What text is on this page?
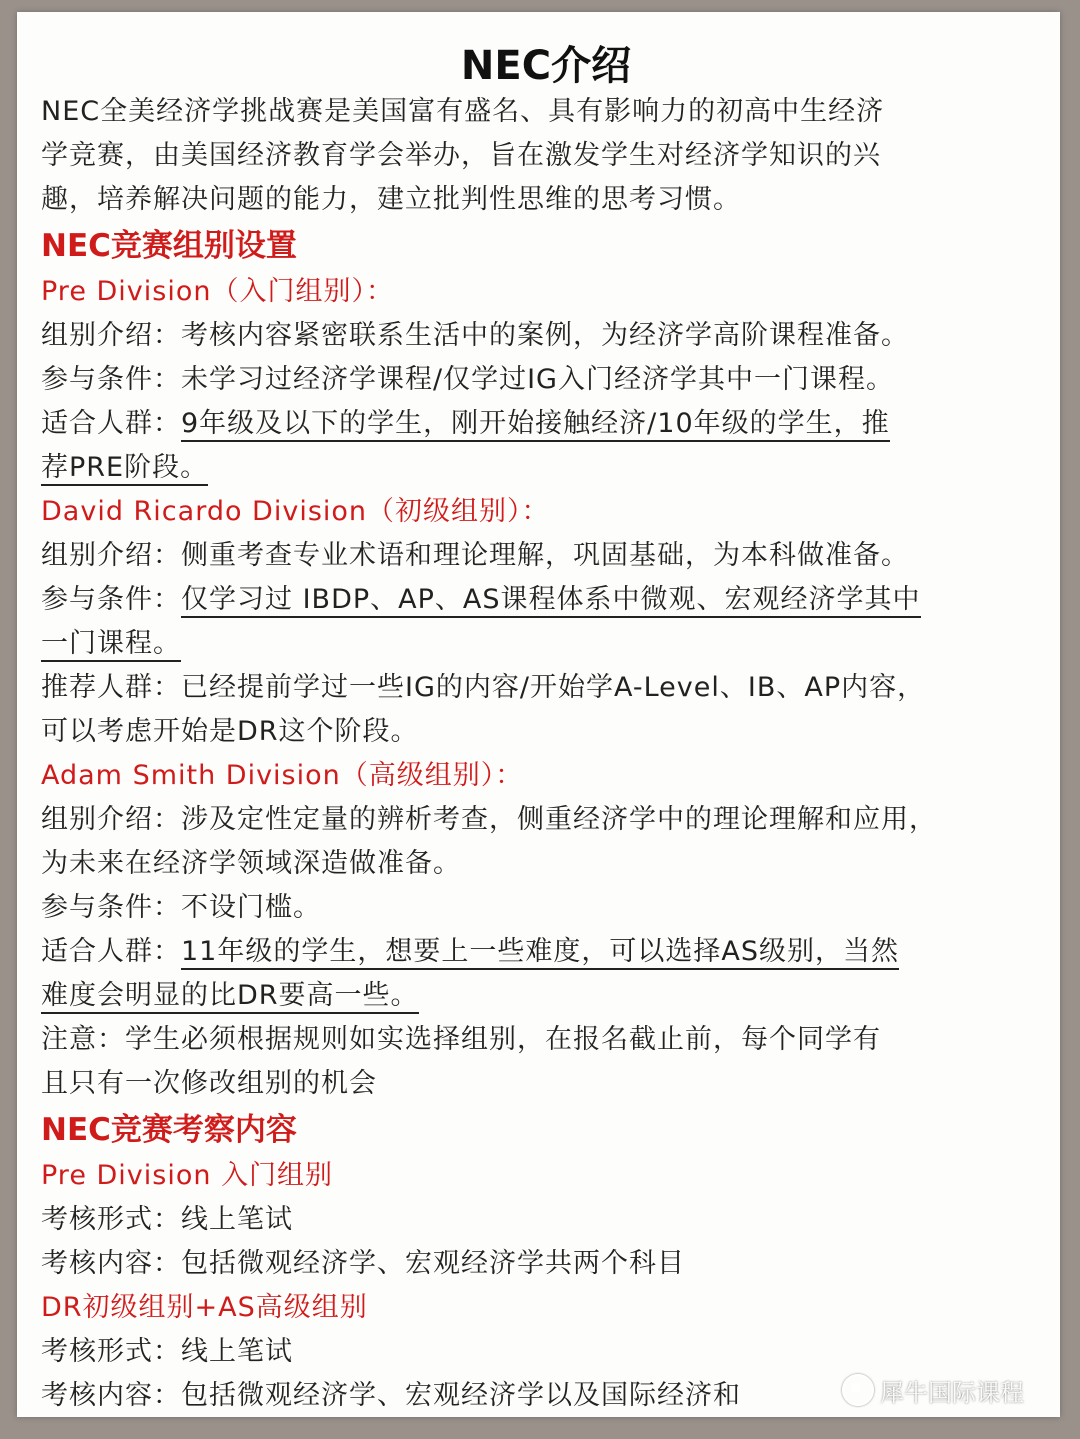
NEC介绍
NEC全美经济学挑战赛是美国富有盛名、具有影响力的初高中生经济
学竞赛，由美国经济教育学会举办，旨在激发学生对经济学知识的兴
趣，培养解决问题的能力，建立批判性思维的思考习惯。
NEC竞赛组别设置
Pre Division（入门组别）：
组别介绍：考核内容紧密联系生活中的案例，为经济学高阶课程准备。
参与条件：未学习过经济学课程/仅学过IG入门经济学其中一门课程。
适合人群：9年级及以下的学生，刚开始接触经济/10年级的学生，推
荐PRE阶段。
David Ricardo Division（初级组别）：
组别介绍：侧重考查专业术语和理论理解，巩固基础，为本科做准备。
参与条件：仅学习过 IBDP、AP、AS课程体系中微观、宏观经济学其中
一门课程。
推荐人群：已经提前学过一些IG的内容/开始学A-Level、IB、AP内容，
可以考虑开始是DR这个阶段。
Adam Smith Division（高级组别）：
组别介绍：涉及定性定量的辨析考查，侧重经济学中的理论理解和应用，
为未来在经济学领域深造做准备。
参与条件：不设门槛。
适合人群：11年级的学生，想要上一些难度，可以选择AS级别，当然
难度会明显的比DR要高一些。
注意：学生必须根据规则如实选择组别，在报名截止前，每个同学有
且只有一次修改组别的机会
NEC竞赛考察内容
Pre Division 入门组别
考核形式：线上笔试
考核内容：包括微观经济学、宏观经济学共两个科目
DR初级组别+AS高级组别
考核形式：线上笔试
考核内容：包括微观经济学、宏观经济学以及国际经济和	犀牛国际课程
